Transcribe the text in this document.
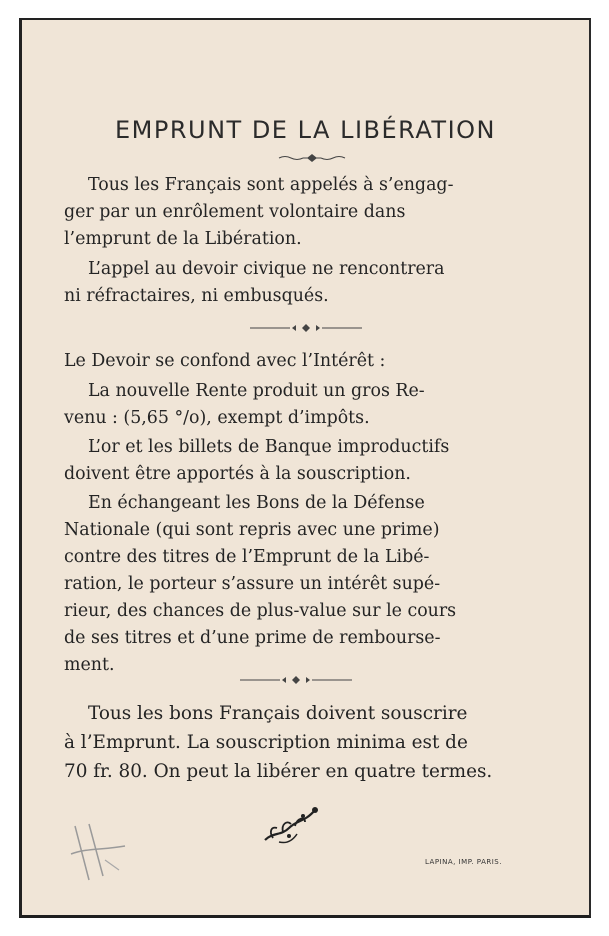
EMPRUNT DE LA LIBÉRATION

Tous les Français sont appelés à s’engag-
ger par un enrôlement volontaire dans
l’emprunt de la Libération.

L’appel au devoir civique ne rencontrera
ni réfractaires, ni embusqués.

Le Devoir se confond avec l’Intérêt :

La nouvelle Rente produit un gros Re-
venu : (5,65 °/o), exempt d’impôts.

L’or et les billets de Banque improductifs
doivent être apportés à la souscription.

En échangeant les Bons de la Défense
Nationale (qui sont repris avec une prime)
contre des titres de l’Emprunt de la Libé-
ration, le porteur s’assure un intérêt supé-
rieur, des chances de plus-value sur le cours
de ses titres et d’une prime de rembourse-
ment.

Tous les bons Français doivent souscrire
à l’Emprunt. La souscription minima est de
70 fr. 80. On peut la libérer en quatre termes.

LAPINA, IMP. PARIS.
